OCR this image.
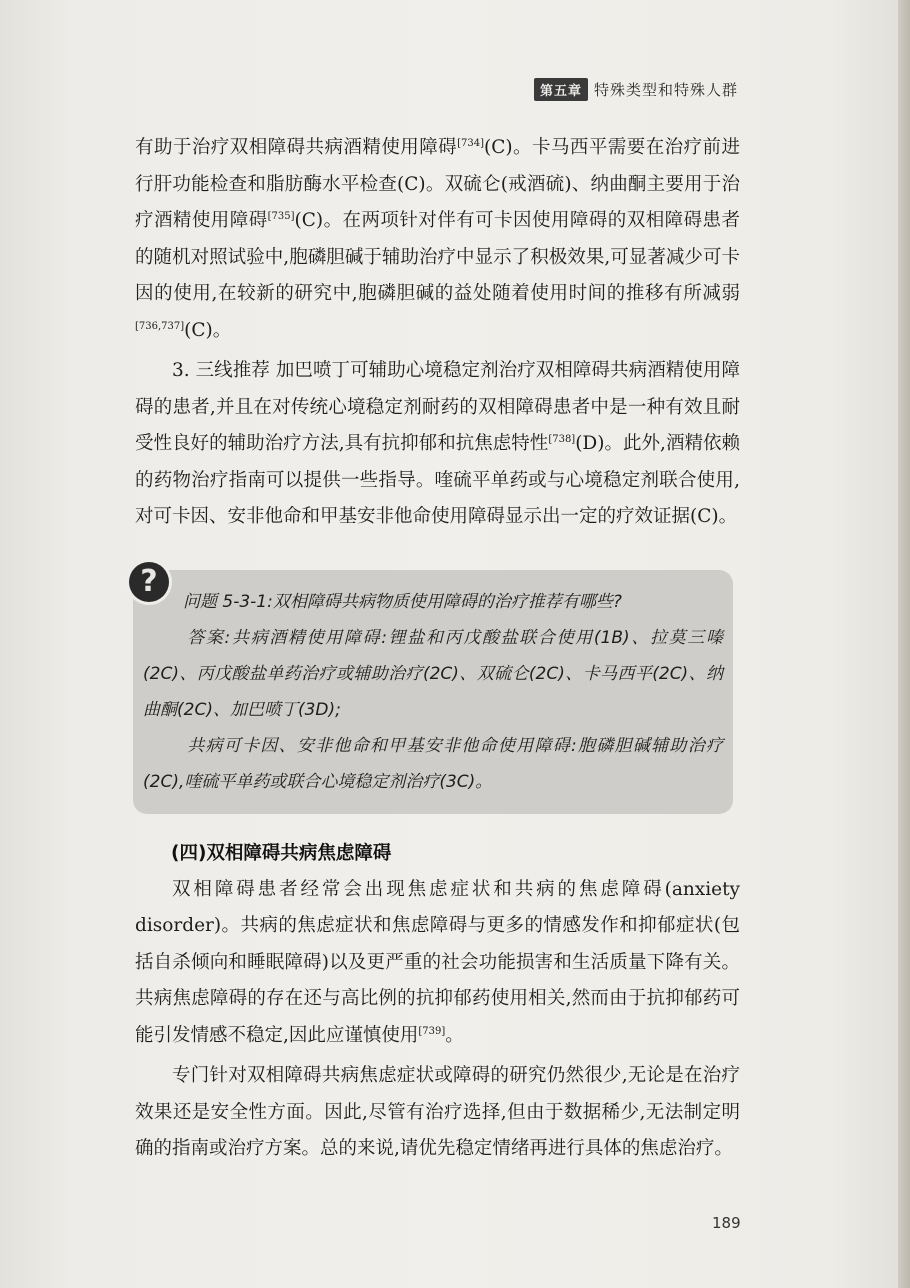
第五章 特殊类型和特殊人群

有助于治疗双相障碍共病酒精使用障碍[734](C)。卡马西平需要在治疗前进行肝功能检查和脂肪酶水平检查(C)。双硫仑(戒酒硫)、纳曲酮主要用于治疗酒精使用障碍[735](C)。在两项针对伴有可卡因使用障碍的双相障碍患者的随机对照试验中,胞磷胆碱于辅助治疗中显示了积极效果,可显著减少可卡因的使用,在较新的研究中,胞磷胆碱的益处随着使用时间的推移有所减弱[736,737](C)。

3. 三线推荐 加巴喷丁可辅助心境稳定剂治疗双相障碍共病酒精使用障碍的患者,并且在对传统心境稳定剂耐药的双相障碍患者中是一种有效且耐受性良好的辅助治疗方法,具有抗抑郁和抗焦虑特性[738](D)。此外,酒精依赖的药物治疗指南可以提供一些指导。喹硫平单药或与心境稳定剂联合使用,对可卡因、安非他命和甲基安非他命使用障碍显示出一定的疗效证据(C)。

?

问题 5-3-1:双相障碍共病物质使用障碍的治疗推荐有哪些?

答案:共病酒精使用障碍:锂盐和丙戊酸盐联合使用(1B)、拉莫三嗪(2C)、丙戊酸盐单药治疗或辅助治疗(2C)、双硫仑(2C)、卡马西平(2C)、纳曲酮(2C)、加巴喷丁(3D);

共病可卡因、安非他命和甲基安非他命使用障碍:胞磷胆碱辅助治疗(2C),喹硫平单药或联合心境稳定剂治疗(3C)。

(四)双相障碍共病焦虑障碍

双相障碍患者经常会出现焦虑症状和共病的焦虑障碍(anxiety disorder)。共病的焦虑症状和焦虑障碍与更多的情感发作和抑郁症状(包括自杀倾向和睡眠障碍)以及更严重的社会功能损害和生活质量下降有关。共病焦虑障碍的存在还与高比例的抗抑郁药使用相关,然而由于抗抑郁药可能引发情感不稳定,因此应谨慎使用[739]。

专门针对双相障碍共病焦虑症状或障碍的研究仍然很少,无论是在治疗效果还是安全性方面。因此,尽管有治疗选择,但由于数据稀少,无法制定明确的指南或治疗方案。总的来说,请优先稳定情绪再进行具体的焦虑治疗。

189
